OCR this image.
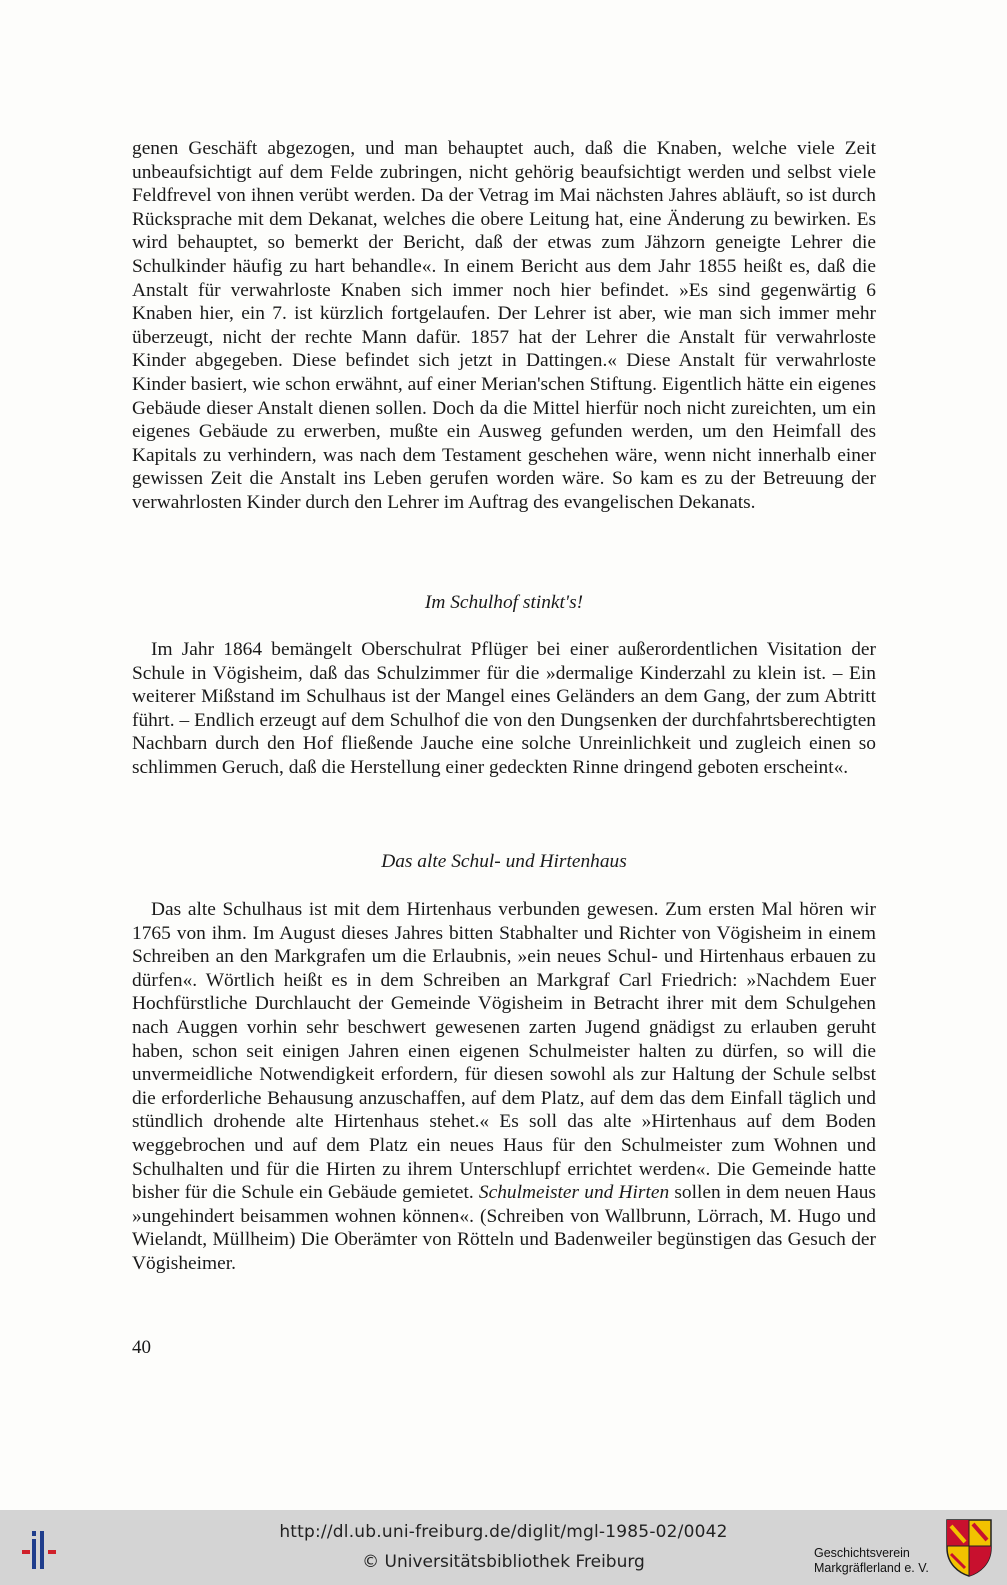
genen Geschäft abgezogen, und man behauptet auch, daß die Knaben, welche viele Zeit unbeaufsichtigt auf dem Felde zubringen, nicht gehörig beaufsichtigt werden und selbst viele Feldfrevel von ihnen verübt werden. Da der Vetrag im Mai nächsten Jahres abläuft, so ist durch Rücksprache mit dem Dekanat, welches die obere Leitung hat, eine Änderung zu bewirken. Es wird behauptet, so bemerkt der Bericht, daß der etwas zum Jähzorn geneigte Lehrer die Schulkinder häufig zu hart behandle«. In einem Bericht aus dem Jahr 1855 heißt es, daß die Anstalt für verwahrloste Knaben sich immer noch hier befindet. »Es sind gegenwärtig 6 Knaben hier, ein 7. ist kürzlich fortgelaufen. Der Lehrer ist aber, wie man sich immer mehr überzeugt, nicht der rechte Mann dafür. 1857 hat der Lehrer die Anstalt für verwahrloste Kinder abgegeben. Diese befindet sich jetzt in Dattingen.« Diese Anstalt für verwahrloste Kinder basiert, wie schon erwähnt, auf einer Merian'schen Stiftung. Eigentlich hätte ein eigenes Gebäude dieser Anstalt dienen sollen. Doch da die Mittel hierfür noch nicht zureichten, um ein eigenes Gebäude zu erwerben, mußte ein Ausweg gefunden werden, um den Heimfall des Kapitals zu verhindern, was nach dem Testament geschehen wäre, wenn nicht innerhalb einer gewissen Zeit die Anstalt ins Leben gerufen worden wäre. So kam es zu der Betreuung der verwahrlosten Kinder durch den Lehrer im Auftrag des evangelischen Dekanats.

Im Schulhof stinkt's!

Im Jahr 1864 bemängelt Oberschulrat Pflüger bei einer außerordentlichen Visitation der Schule in Vögisheim, daß das Schulzimmer für die »dermalige Kinderzahl zu klein ist. – Ein weiterer Mißstand im Schulhaus ist der Mangel eines Geländers an dem Gang, der zum Abtritt führt. – Endlich erzeugt auf dem Schulhof die von den Dungsenken der durchfahrtsberechtigten Nachbarn durch den Hof fließende Jauche eine solche Unreinlichkeit und zugleich einen so schlimmen Geruch, daß die Herstellung einer gedeckten Rinne dringend geboten erscheint«.

Das alte Schul- und Hirtenhaus

Das alte Schulhaus ist mit dem Hirtenhaus verbunden gewesen. Zum ersten Mal hören wir 1765 von ihm. Im August dieses Jahres bitten Stabhalter und Richter von Vögisheim in einem Schreiben an den Markgrafen um die Erlaubnis, »ein neues Schul- und Hirtenhaus erbauen zu dürfen«. Wörtlich heißt es in dem Schreiben an Markgraf Carl Friedrich: »Nachdem Euer Hochfürstliche Durchlaucht der Gemeinde Vögisheim in Betracht ihrer mit dem Schulgehen nach Auggen vorhin sehr beschwert gewesenen zarten Jugend gnädigst zu erlauben geruht haben, schon seit einigen Jahren einen eigenen Schulmeister halten zu dürfen, so will die unvermeidliche Notwendigkeit erfordern, für diesen sowohl als zur Haltung der Schule selbst die erforderliche Behausung anzuschaffen, auf dem Platz, auf dem das dem Einfall täglich und stündlich drohende alte Hirtenhaus stehet.« Es soll das alte »Hirtenhaus auf dem Boden weggebrochen und auf dem Platz ein neues Haus für den Schulmeister zum Wohnen und Schulhalten und für die Hirten zu ihrem Unterschlupf errichtet werden«. Die Gemeinde hatte bisher für die Schule ein Gebäude gemietet. Schulmeister und Hirten sollen in dem neuen Haus »ungehindert beisammen wohnen können«. (Schreiben von Wallbrunn, Lörrach, M. Hugo und Wielandt, Müllheim) Die Oberämter von Rötteln und Badenweiler begünstigen das Gesuch der Vögisheimer.

40
http://dl.ub.uni-freiburg.de/diglit/mgl-1985-02/0042
© Universitätsbibliothek Freiburg	Geschichtsverein
Markgräflerland e. V.
